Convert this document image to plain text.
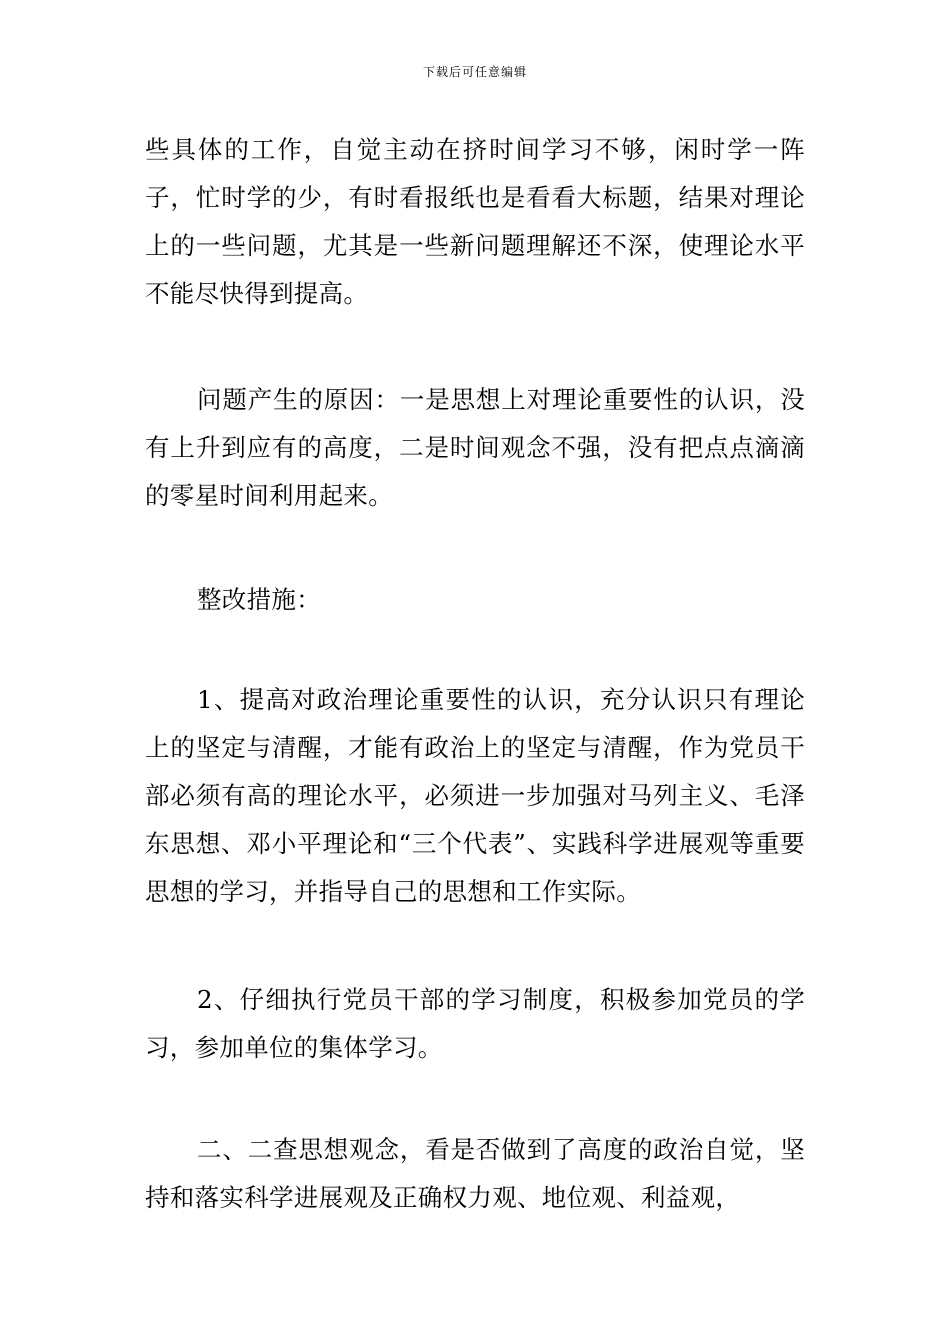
下载后可任意编辑

些具体的工作，自觉主动在挤时间学习不够，闲时学一阵子，忙时学的少，有时看报纸也是看看大标题，结果对理论上的一些问题，尤其是一些新问题理解还不深，使理论水平不能尽快得到提高。

问题产生的原因：一是思想上对理论重要性的认识，没有上升到应有的高度，二是时间观念不强，没有把点点滴滴的零星时间利用起来。

整改措施：

1、提高对政治理论重要性的认识，充分认识只有理论上的坚定与清醒，才能有政治上的坚定与清醒，作为党员干部必须有高的理论水平，必须进一步加强对马列主义、毛泽东思想、邓小平理论和“三个代表”、实践科学进展观等重要思想的学习，并指导自己的思想和工作实际。

2、仔细执行党员干部的学习制度，积极参加党员的学习，参加单位的集体学习。

二、二查思想观念，看是否做到了高度的政治自觉，坚持和落实科学进展观及正确权力观、地位观、利益观，
